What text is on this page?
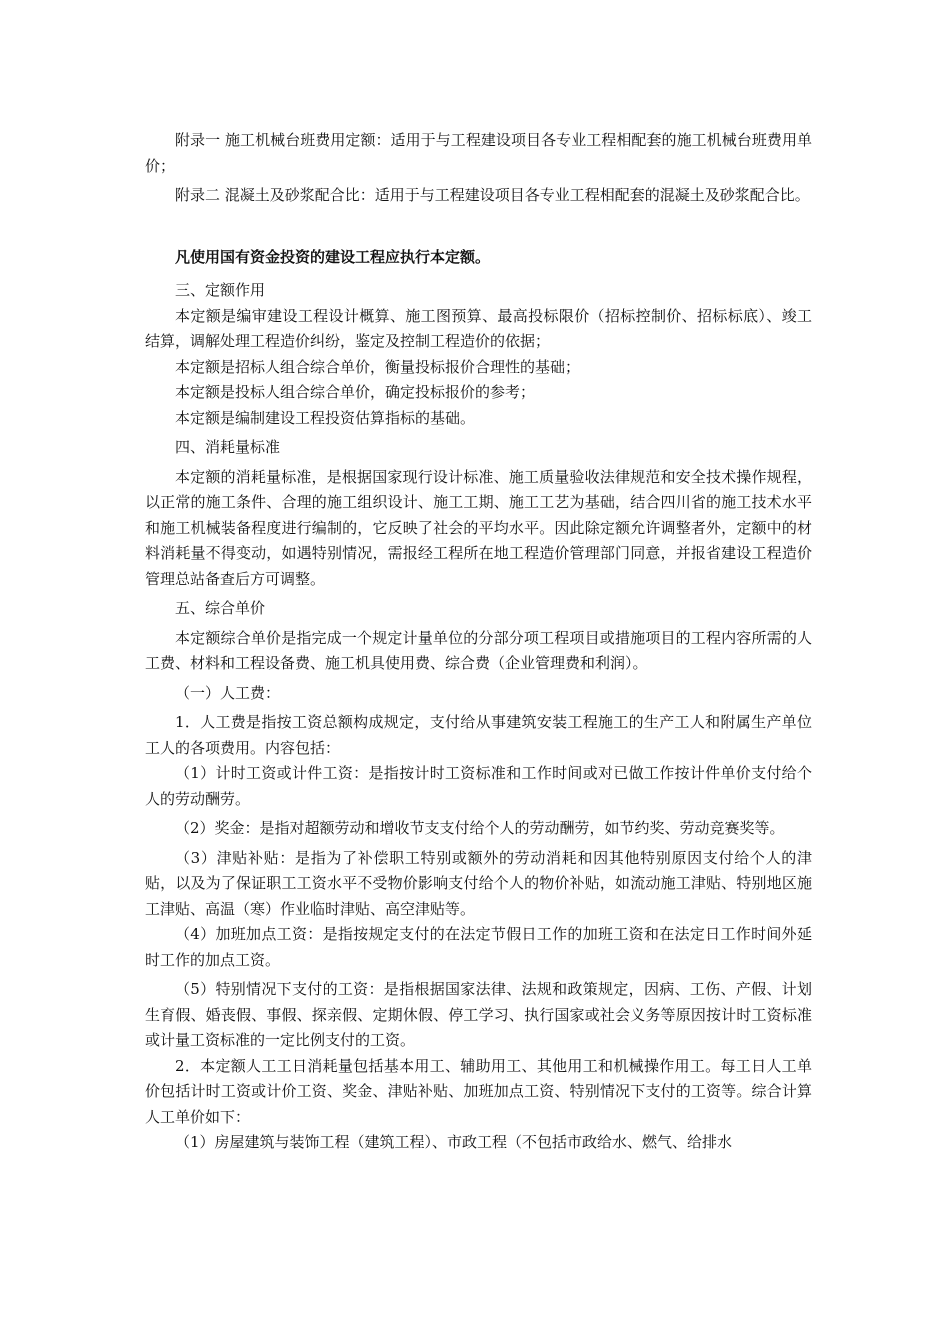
附录一 施工机械台班费用定额：适用于与工程建设项目各专业工程相配套的施工机械台班费用单价；

附录二 混凝土及砂浆配合比：适用于与工程建设项目各专业工程相配套的混凝土及砂浆配合比。

凡使用国有资金投资的建设工程应执行本定额。

三、定额作用

本定额是编审建设工程设计概算、施工图预算、最高投标限价（招标控制价、招标标底）、竣工结算，调解处理工程造价纠纷，鉴定及控制工程造价的依据；

本定额是招标人组合综合单价，衡量投标报价合理性的基础；

本定额是投标人组合综合单价，确定投标报价的参考；

本定额是编制建设工程投资估算指标的基础。

四、消耗量标准

本定额的消耗量标准，是根据国家现行设计标准、施工质量验收法律规范和安全技术操作规程，以正常的施工条件、合理的施工组织设计、施工工期、施工工艺为基础，结合四川省的施工技术水平和施工机械装备程度进行编制的，它反映了社会的平均水平。因此除定额允许调整者外，定额中的材料消耗量不得变动，如遇特别情况，需报经工程所在地工程造价管理部门同意，并报省建设工程造价管理总站备查后方可调整。

五、综合单价

本定额综合单价是指完成一个规定计量单位的分部分项工程项目或措施项目的工程内容所需的人工费、材料和工程设备费、施工机具使用费、综合费（企业管理费和利润）。

（一）人工费：

1．人工费是指按工资总额构成规定，支付给从事建筑安装工程施工的生产工人和附属生产单位工人的各项费用。内容包括：

（1）计时工资或计件工资：是指按计时工资标准和工作时间或对已做工作按计件单价支付给个人的劳动酬劳。

（2）奖金：是指对超额劳动和增收节支支付给个人的劳动酬劳，如节约奖、劳动竞赛奖等。

（3）津贴补贴：是指为了补偿职工特别或额外的劳动消耗和因其他特别原因支付给个人的津贴，以及为了保证职工工资水平不受物价影响支付给个人的物价补贴，如流动施工津贴、特别地区施工津贴、高温（寒）作业临时津贴、高空津贴等。

（4）加班加点工资：是指按规定支付的在法定节假日工作的加班工资和在法定日工作时间外延时工作的加点工资。

（5）特别情况下支付的工资：是指根据国家法律、法规和政策规定，因病、工伤、产假、计划生育假、婚丧假、事假、探亲假、定期休假、停工学习、执行国家或社会义务等原因按计时工资标准或计量工资标准的一定比例支付的工资。

2．本定额人工工日消耗量包括基本用工、辅助用工、其他用工和机械操作用工。每工日人工单价包括计时工资或计价工资、奖金、津贴补贴、加班加点工资、特别情况下支付的工资等。综合计算人工单价如下：

（1）房屋建筑与装饰工程（建筑工程）、市政工程（不包括市政给水、燃气、给排水
